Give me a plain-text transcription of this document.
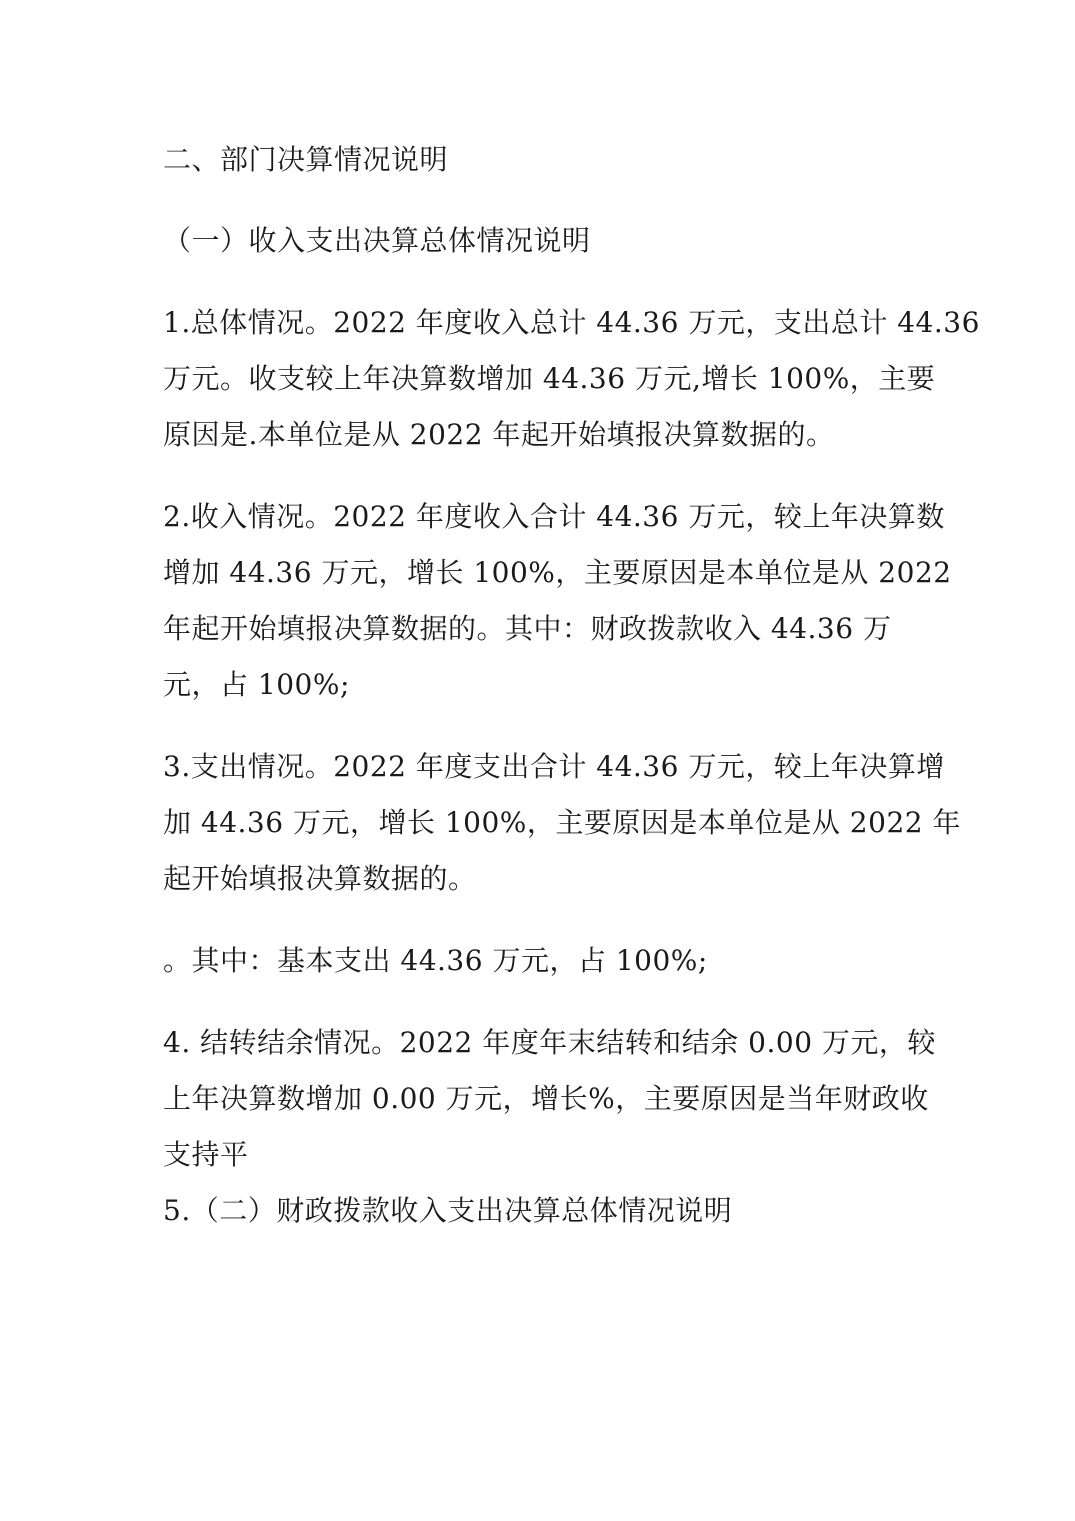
二、部门决算情况说明
（一）收入支出决算总体情况说明
1.总体情况。2022 年度收入总计 44.36 万元，支出总计 44.36
万元。收支较上年决算数增加 44.36 万元,增长 100%，主要
原因是.本单位是从 2022 年起开始填报决算数据的。
2.收入情况。2022 年度收入合计 44.36 万元，较上年决算数
增加 44.36 万元，增长 100%，主要原因是本单位是从 2022
年起开始填报决算数据的。其中：财政拨款收入 44.36 万
元，占 100%;
3.支出情况。2022 年度支出合计 44.36 万元，较上年决算增
加 44.36 万元，增长 100%，主要原因是本单位是从 2022 年
起开始填报决算数据的。
。其中：基本支出 44.36 万元，占 100%;
4. 结转结余情况。2022 年度年末结转和结余 0.00 万元，较
上年决算数增加 0.00 万元，增长%，主要原因是当年财政收
支持平
5.（二）财政拨款收入支出决算总体情况说明
